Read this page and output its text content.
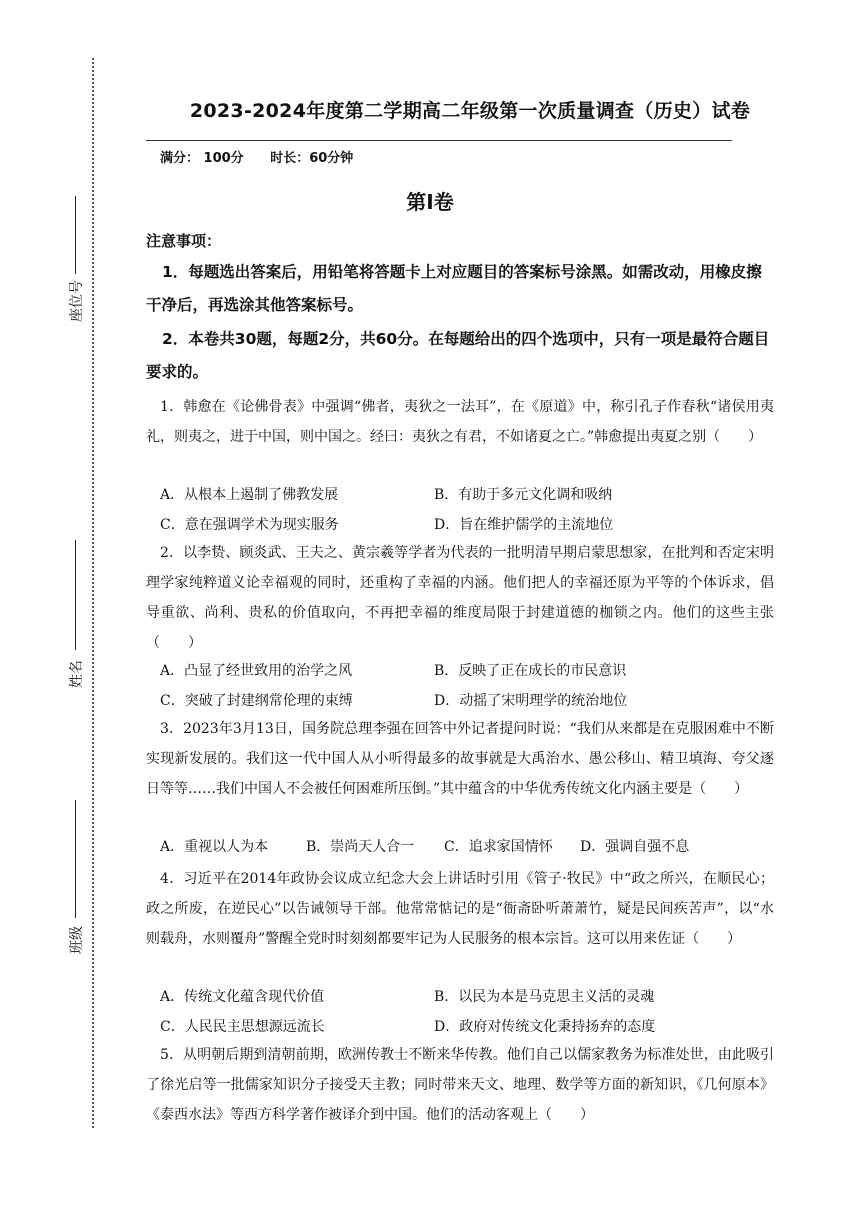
座位号
姓名
班级
2023-2024年度第二学期高二年级第一次质量调查（历史）试卷
满分： 100分 时长：60分钟
第Ⅰ卷
注意事项：
1．每题选出答案后，用铅笔将答题卡上对应题目的答案标号涂黑。如需改动，用橡皮擦干净后，再选涂其他答案标号。
2．本卷共30题，每题2分，共60分。在每题给出的四个选项中，只有一项是最符合题目要求的。
1．韩愈在《论佛骨表》中强调“佛者，夷狄之一法耳”，在《原道》中，称引孔子作春秋“诸侯用夷礼，则夷之，进于中国，则中国之。经曰：夷狄之有君，不如诸夏之亡。”韩愈提出夷夏之别（　　）
A．从根本上遏制了佛教发展	B．有助于多元文化调和吸纳
C．意在强调学术为现实服务	D．旨在维护儒学的主流地位
2．以李贽、顾炎武、王夫之、黄宗羲等学者为代表的一批明清早期启蒙思想家，在批判和否定宋明理学家纯粹道义论幸福观的同时，还重构了幸福的内涵。他们把人的幸福还原为平等的个体诉求，倡导重欲、尚利、贵私的价值取向，不再把幸福的维度局限于封建道德的枷锁之内。他们的这些主张（　　）
A．凸显了经世致用的治学之风	B．反映了正在成长的市民意识
C．突破了封建纲常伦理的束缚	D．动摇了宋明理学的统治地位
3．2023年3月13日，国务院总理李强在回答中外记者提问时说：“我们从来都是在克服困难中不断实现新发展的。我们这一代中国人从小听得最多的故事就是大禹治水、愚公移山、精卫填海、夸父逐日等等……我们中国人不会被任何困难所压倒。”其中蕴含的中华优秀传统文化内涵主要是（　　）
A．重视以人为本	B．崇尚天人合一 C．追求家国情怀 D．强调自强不息
4．习近平在2014年政协会议成立纪念大会上讲话时引用《管子·牧民》中“政之所兴，在顺民心；政之所废，在逆民心”以告诫领导干部。他常常惦记的是“衙斋卧听萧萧竹，疑是民间疾苦声”，以“水则载舟，水则覆舟”警醒全党时时刻刻都要牢记为人民服务的根本宗旨。这可以用来佐证（　　）
A．传统文化蕴含现代价值	B．以民为本是马克思主义活的灵魂
C．人民民主思想源远流长	D．政府对传统文化秉持扬弃的态度
5．从明朝后期到清朝前期，欧洲传教士不断来华传教。他们自己以儒家教务为标准处世，由此吸引了徐光启等一批儒家知识分子接受天主教；同时带来天文、地理、数学等方面的新知识，《几何原本》《泰西水法》等西方科学著作被译介到中国。他们的活动客观上（　　）
